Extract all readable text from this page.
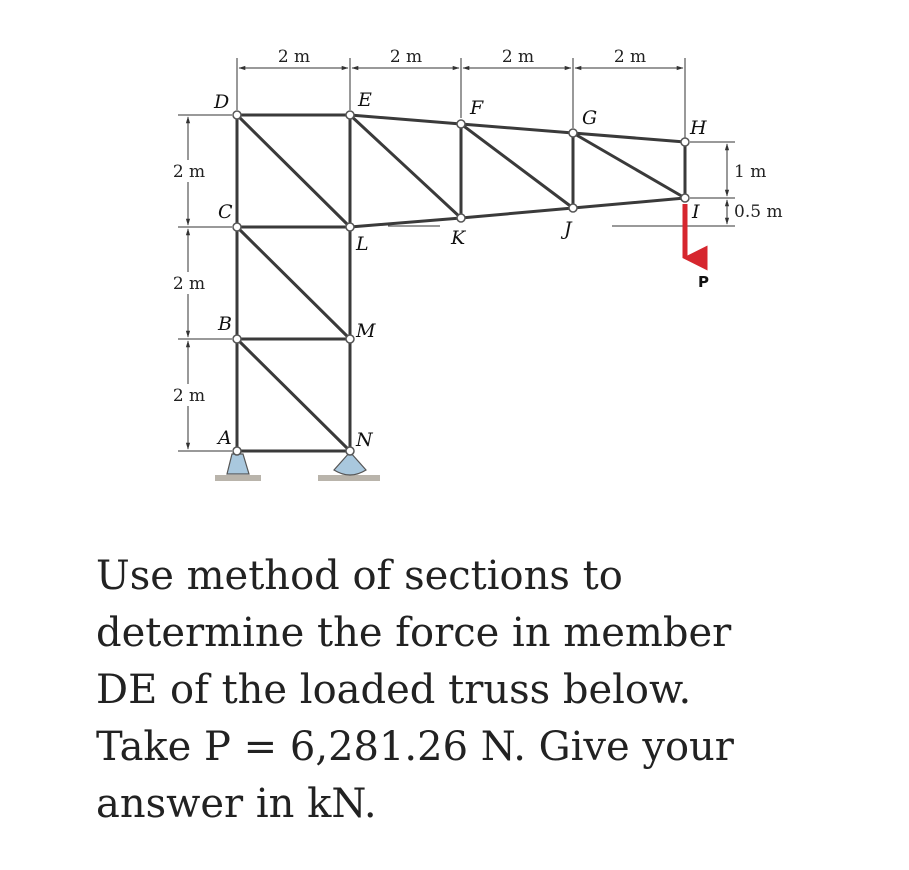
2 m	2 m	2 m	2 m
2 m
2 m
2 m
1 m
0.5 m
D	E	F	G	H
I
J
K
L
C
M
B
N
A
P
Use method of sections to
determine the force in member
DE of the loaded truss below.
Take P = 6,281.26 N. Give your
answer in kN.
